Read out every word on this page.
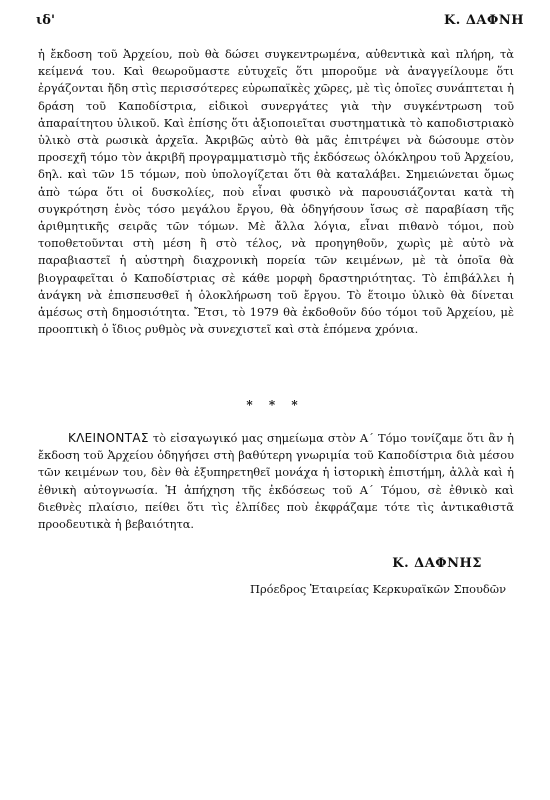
ιδ'	Κ. ΔΑΦΝΗ

ἡ ἔκδοση τοῦ Ἀρχείου, ποὺ θὰ δώσει συγκεντρωμένα, αὐθεντικὰ καὶ πλήρη, τὰ κείμενά του. Καὶ θεωροῦμαστε εὐτυχεῖς ὅτι μποροῦμε νὰ ἀναγγείλουμε ὅτι ἐργάζονται ἤδη στὶς περισσότερες εὐρωπαϊκὲς χῶρες, μὲ τὶς ὁποῖες συνάπτεται ἡ δράση τοῦ Καποδίστρια, εἰδικοὶ συνεργάτες γιὰ τὴν συγκέντρωση τοῦ ἀπαραίτητου ὑλικοῦ. Καὶ ἐπίσης ὅτι ἀξιοποιεῖται συστηματικὰ τὸ καποδιστριακὸ ὑλικὸ στὰ ρωσικὰ ἀρχεῖα. Ἀκριβῶς αὐτὸ θὰ μᾶς ἐπιτρέψει νὰ δώσουμε στὸν προσεχῆ τόμο τὸν ἀκριβῆ προγραμματισμὸ τῆς ἐκδόσεως ὁλόκληρου τοῦ Ἀρχείου, δηλ. καὶ τῶν 15 τόμων, ποὺ ὑπολογίζεται ὅτι θὰ καταλάβει. Σημειώνεται ὅμως ἀπὸ τώρα ὅτι οἱ δυσκολίες, ποὺ εἶναι φυσικὸ νὰ παρουσιάζονται κατὰ τὴ συγκρότηση ἑνὸς τόσο μεγάλου ἔργου, θὰ ὁδηγήσουν ἴσως σὲ παραβίαση τῆς ἀριθμητικῆς σειρᾶς τῶν τόμων. Μὲ ἄλλα λόγια, εἶναι πιθανὸ τόμοι, ποὺ τοποθετοῦνται στὴ μέση ἢ στὸ τέλος, νὰ προηγηθοῦν, χωρὶς μὲ αὐτὸ νὰ παραβιαστεῖ ἡ αὐστηρὴ διαχρονικὴ πορεία τῶν κειμένων, μὲ τὰ ὁποῖα θὰ βιογραφεῖται ὁ Καποδίστριας σὲ κάθε μορφὴ δραστηριότητας. Τὸ ἐπιβάλλει ἡ ἀνάγκη νὰ ἐπισπευσθεῖ ἡ ὁλοκλήρωση τοῦ ἔργου. Τὸ ἕτοιμο ὑλικὸ θὰ δίνεται ἀμέσως στὴ δημοσιότητα. Ἔτσι, τὸ 1979 θὰ ἐκδοθοῦν δύο τόμοι τοῦ Ἀρχείου, μὲ προοπτικὴ ὁ ἴδιος ρυθμὸς νὰ συνεχιστεῖ καὶ στὰ ἑπόμενα χρόνια.

* * *
ΚΛΕΙΝΟΝΤΑΣ τὸ εἰσαγωγικό μας σημείωμα στὸν Α΄ Τόμο τονίζαμε ὅτι ἂν ἡ ἔκδοση τοῦ Ἀρχείου ὁδηγήσει στὴ βαθύτερη γνωριμία τοῦ Καποδίστρια διὰ μέσου τῶν κειμένων του, δὲν θὰ ἐξυπηρετηθεῖ μονάχα ἡ ἱστορικὴ ἐπιστήμη, ἀλλὰ καὶ ἡ ἐθνικὴ αὐτογνωσία. Ἡ ἀπήχηση τῆς ἐκδόσεως τοῦ Α΄ Τόμου, σὲ ἐθνικὸ καὶ διεθνὲς πλαίσιο, πείθει ὅτι τὶς ἐλπίδες ποὺ ἐκφράζαμε τότε τὶς ἀντικαθιστᾶ προοδευτικὰ ἡ βεβαιότητα.
Κ. ΔΑΦΝΗΣ
Πρόεδρος Ἑταιρείας Κερκυραϊκῶν Σπουδῶν
